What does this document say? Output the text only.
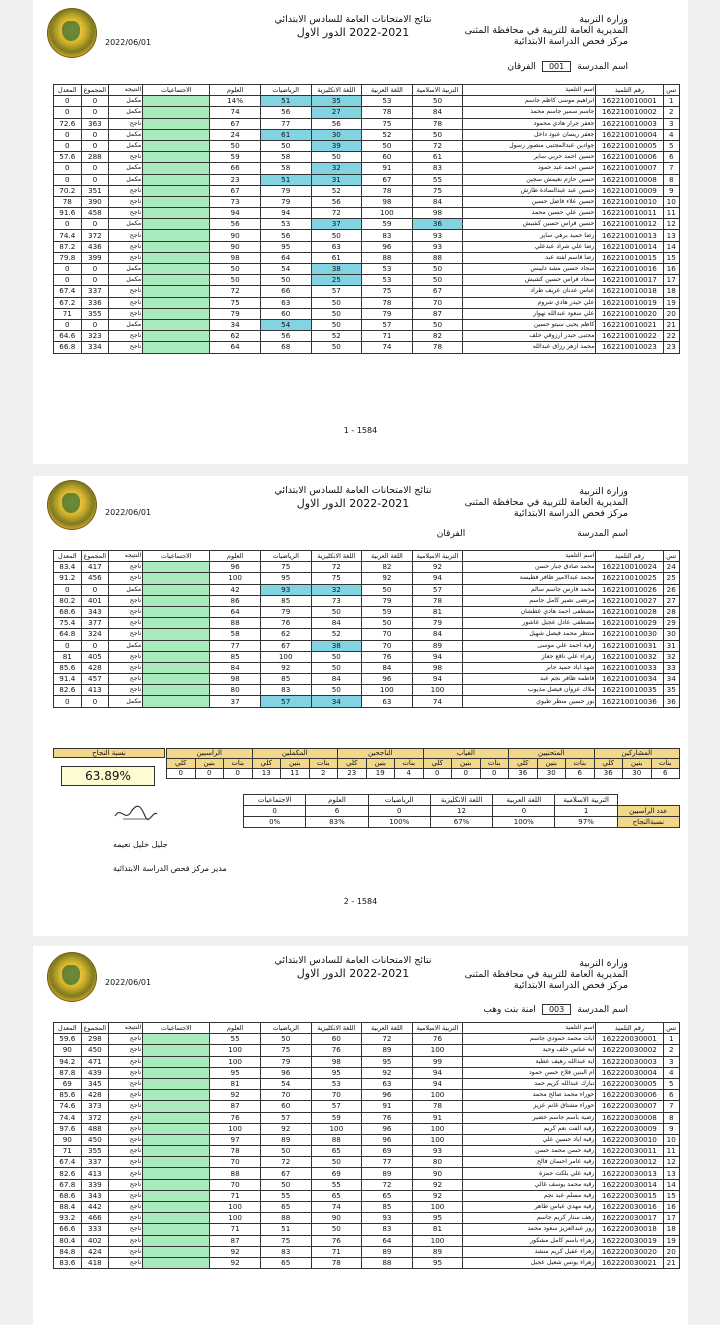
2022/06/01
نتائج الامتحانات العامة للسادس الابتدائي
2022-2021 الدور الاول
وزارة التربية
المديرية العامة للتربية في محافظة المثنى
مركز فحص الدراسة الابتدائية
اسم المدرسة
001
الفرقان
تس	رقم التلميذ	اسم التلميذ	التربية الاسلامية	اللغة العربية	اللغة الانكليزية	الرياضيات	العلوم	الاجتماعيات	النتيجه	المجموع	المعدل
1	162210010001	ابراهيم موسى كاظم جاسم	50	53	35	51	14%		مكمل	0	0
2	162210010002	جاسم سمير جاسم محمد	84	78	27	56	74		مكمل	0	0
3	162210010003	جعفر جرار هادي محمود	78	75	56	77	67		ناجح	363	72.6
4	162210010004	جعفر ريسان عبود داخل	50	52	30	61	24		مكمل	0	0
5	162210010005	جوادين عبدالمجتبى منصور رسول	72	50	39	50	50		مكمل	0	0
6	162210010006	حسين احمد حربي ساير	61	60	50	58	59		ناجح	288	57.6
7	162210010007	حسين احمد عبد حمود	83	91	32	58	66		مكمل	0	0
8	162210010008	حسين حازم نغيمش سجين	55	67	31	51	23		مكمل	0	0
9	162210010009	حسين عبد عبدالسادة طارش	75	78	52	79	67		ناجح	351	70.2
10	162210010010	حسين علاء فاضل حسين	84	98	56	79	73		ناجح	390	78
11	162210010011	حسين علي حسين محمد	98	100	72	94	94		ناجح	458	91.6
12	162210010012	حسين فراس حسين كشيش	36	59	37	53	56		مكمل	0	0
13	162210010013	رضا حميد برهي ساير	93	83	50	56	90		ناجح	372	74.4
14	162210010014	رضا علي شراد عبدعلي	93	96	63	95	90		ناجح	436	87.2
15	162210010015	رضا قاسم لفتة عبد	88	88	61	64	98		ناجح	399	79.8
16	162210010016	سجاد حسين مشد دليبس	50	53	38	54	50		مكمل	0	0
17	162210010017	سجاد فراس حسين كشيش	50	53	25	50	50		مكمل	0	0
18	162210010018	عباس عدنان عريف طراد	67	75	57	66	72		ناجح	337	67.4
19	162210010019	علي حيدر هادي شروم	70	78	50	63	75		ناجح	336	67.2
20	162210010020	علي سعود عبدالله نهوار	87	79	50	60	79		ناجح	355	71
21	162210010021	كاظم يحيى سيتو حسين	50	57	50	54	34		مكمل	0	0
22	162210010022	مجتبى حيدر ارزوقي خلف	82	71	52	56	62		ناجح	323	64.6
23	162210010023	محمد ازهر رزاق عبدالله	78	74	50	68	64		ناجح	334	66.8
1 - 1584
2022/06/01
نتائج الامتحانات العامة للسادس الابتدائي
2022-2021 الدور الاول
وزارة التربية
المديرية العامة للتربية في محافظة المثنى
مركز فحص الدراسة الابتدائية
اسم المدرسة
الفرقان
تس	رقم التلميذ	اسم التلميذ	التربية الاسلامية	اللغة العربية	اللغة الانكليزية	الرياضيات	العلوم	الاجتماعيات	النتيجه	المجموع	المعدل
24	162210010024	محمد صادق جبار حسن	92	82	72	75	96		ناجح	417	83.4
25	162210010025	محمد عبدالامير ظافر فطيسة	94	92	75	95	100		ناجح	456	91.2
26	162210010026	محمد فارس جاسم سالم	57	50	32	93	42		مكمل	0	0
27	162210010027	مرتضى نصير كامل جاسم	78	79	73	85	86		ناجح	401	80.2
28	162210010028	مصطفى احمد هادي عطشان	81	59	50	79	64		ناجح	343	68.6
29	162210010029	مصطفى عادل عجيل عاشور	79	50	84	76	88		ناجح	377	75.4
30	162210010030	منتظر محمد فيصل شهيل	84	70	52	62	58		ناجح	324	64.8
31	162210010031	رقية احمد علي موسى	89	70	38	67	77		مكمل	0	0
32	162210010032	زهراء علي ناقع جعاز	94	76	50	100	85		ناجح	405	81
33	162210010033	شهد اياد حميد جابر	98	84	50	92	84		ناجح	428	85.6
34	162210010034	فاطمة ظافر نجم عبد	94	96	84	85	98		ناجح	457	91.4
35	162210010035	ملاك عزوان فيصل مذيوب	100	100	50	83	80		ناجح	413	82.6
36	162210010036	نور حسين منطر طيوي	74	63	34	57	37		مكمل	0	0
المشاركين			المتحنيين			الغياب			الناجحين			المكملين			الراسبين			
بنات	بنين	كلي	بنات	بنين	كلي	بنات	بنين	كلي	بنات	بنين	كلي	بنات	بنين	كلي	بنات	بنين	كلي	
6	30	36	6	30	36	0	0	0	4	19	23	2	11	13	0	0	0	
نسبة النجاح
63.89%
	التربية الاسلامية	اللغة العربية	اللغة الانكليزية	الرياضيات	العلوم	الاجتماعيات
عدد الراسبين	1	0	12	0	6	0
نسبةالنجاح	97%	100%	67%	100%	83%	0%
جليل خليل نعيمه
مدير مركز فحص الدراسة الابتدائية
2 - 1584
2022/06/01
نتائج الامتحانات العامة للسادس الابتدائي
2022-2021 الدور الاول
وزارة التربية
المديرية العامة للتربية في محافظة المثنى
مركز فحص الدراسة الابتدائية
اسم المدرسة
003
امنة بنت وهب
تس	رقم التلميذ	اسم التلميذ	التربية الاسلامية	اللغة العربية	اللغة الانكليزية	الرياضيات	العلوم	الاجتماعيات	النتيجه	المجموع	المعدل
1	162220030001	ايات محمد حمودي جاسم	76	72	60	50	55		ناجح	298	59.6
2	162220030002	اية عباس خلف وحيد	100	89	76	75	100		ناجح	450	90
3	162220030003	اية عبدالله رهيف عطية	99	95	98	79	100		ناجح	471	94.2
4	162220030004	ام البنين فلاح حسن حمود	94	92	95	96	95		ناجح	439	87.8
5	162220030005	تبارك عبدالله كريم حمد	94	63	53	54	81		ناجح	345	69
6	162220030006	حوراء محمد صالح محمد	100	96	70	70	92		ناجح	428	85.6
7	162220030007	حوراء مشتاق غانم عزيز	78	91	57	60	87		ناجح	373	74.6
8	162220030008	رضية باسم جاسم خضير	91	76	59	57	76		ناجح	372	74.4
9	162220030009	رقية الفت نعم كريم	100	96	100	92	100		ناجح	488	97.6
10	162220030010	رقية اياد حسين علي	100	96	88	89	97		ناجح	450	90
11	162220030011	رقية حسن محمد حسن	93	69	65	50	78		ناجح	355	71
12	162220030012	رقية عامر احسان فالح	80	77	50	72	70		ناجح	337	67.4
13	162220030013	رقية علي بلكث حمزة	90	89	69	67	88		ناجح	413	82.6
14	162220030014	رقية محمد يوسف غالي	92	72	55	50	70		ناجح	339	67.8
15	162220030015	رقية مسلم عبد نجم	92	65	65	55	71		ناجح	343	68.6
16	162220030016	رقية مهدي عباس طاهر	100	85	74	65	100		ناجح	442	88.4
17	162220030017	رهف ستار كريم جاسم	95	93	90	88	100		ناجح	466	93.2
18	162220030018	روز عبدالعزيز سعود محمد	81	83	50	51	71		ناجح	333	66.6
19	162220030019	زهراء باسم كامل مشكور	100	64	76	75	87		ناجح	402	80.4
20	162220030020	زهراء عقيل كريم منشد	89	89	71	83	92		ناجح	424	84.8
21	162220030021	زهراء يونس شعيل عجيل	95	88	78	65	92		ناجح	418	83.6
